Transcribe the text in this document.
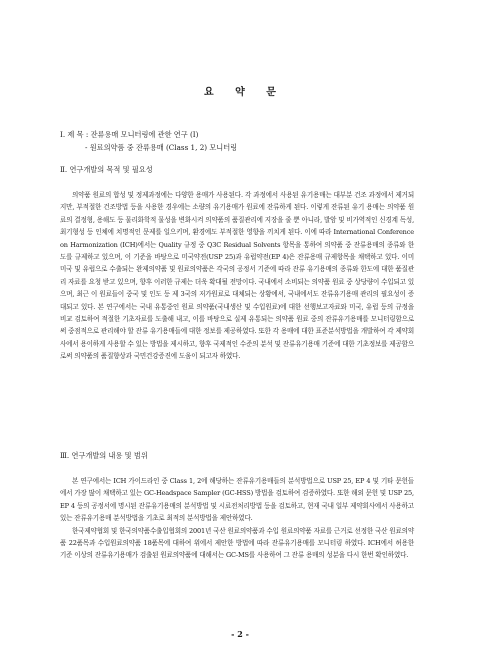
요 약 문
Ⅰ. 제 목 : 잔류용매 모니터링에 관한 연구 (I)
- 원료의약품 중 잔류용매 (Class 1, 2) 모니터링
Ⅱ. 연구개발의 목적 및 필요성

의약품 원료의 합성 및 정제과정에는 다양한 용매가 사용된다. 각 과정에서 사용된 유기용매는 대부분 건조 과정에서 제거되지만, 부적절한 건조방법 등을 사용한 경우에는 소량의 유기용매가 원료에 잔류하게 된다. 이렇게 잔류된 유기 용매는 의약품 원료의 결정형, 용해도 등 물리화학적 물성을 변화시켜 의약품의 품질관리에 지장을 줄 뿐 아니라, 발암 및 비가역적인 신경계 독성, 최기형성 등 인체에 치명적인 문제를 일으키며, 환경에도 부적절한 영향을 끼치게 된다. 이에 따라 International Conference on Harmonization (ICH)에서는 Quality 규정 중 Q3C Residual Solvents 항목을 통하여 의약품 중 잔류용매의 종류와 한도를 규제하고 있으며, 이 기준을 바탕으로 미국약전(USP 25)과 유럽약전(EP 4)은 잔류용매 규제항목을 채택하고 있다. 이미 미국 및 유럽으로 수출되는 완제의약품 및 원료의약품은 각국의 공정서 기준에 따라 잔류 유기용매의 종류와 한도에 대한 품질관리 자료를 요청 받고 있으며, 향후 이러한 규제는 더욱 확대될 전망이다. 국내에서 소비되는 의약품 원료 중 상당량이 수입되고 있으며, 최근 이 원료들이 중국 및 인도 등 제 3국의 저가원료로 대체되는 상황에서, 국내에서도 잔류유기용매 관리의 필요성이 증대되고 있다. 본 연구에서는 국내 유통중인 원료 의약품(국내생산 및 수입원료)에 대한 선행보고자료와 미국, 유럽 등의 규정을 비교 검토하여 적절한 기초자료를 도출해 내고, 이를 바탕으로 실제 유통되는 의약품 원료 중의 잔류유기용매를 모니터링함으로써 중점적으로 관리해야 할 잔류 유기용매들에 대한 정보를 제공하였다. 또한 각 용매에 대한 표준분석방법을 개발하여 각 제약회사에서 용이하게 사용할 수 있는 방법을 제시하고, 향후 국제적인 수준의 분석 및 잔류유기용매 기준에 대한 기초정보를 제공함으로써 의약품의 품질향상과 국민건강증진에 도움이 되고자 하였다.

Ⅲ. 연구개발의 내용 및 범위

본 연구에서는 ICH 가이드라인 중 Class 1, 2에 해당하는 잔류유기용매들의 분석방법으로 USP 25, EP 4 및 기타 문헌들에서 가장 많이 채택하고 있는 GC-Headspace Sampler (GC-HSS) 방법을 검토하여 검증하였다. 또한 해외 문헌 및 USP 25, EP 4 등의 공정서에 명시된 잔류유기용매의 분석방법 및 시료전처리방법 등을 검토하고, 현재 국내 일부 제약회사에서 사용하고 있는 잔류유기용매 분석방법을 기초로 최적의 분석방법을 제안하였다.

한국제약협회 및 한국의약품수출입협회의 2001년 국산 원료의약품과 수입 원료의약품 자료를 근거로 선정한 국산 원료의약품 22품목과 수입원료의약품 18품목에 대하여 위에서 제안한 방법에 따라 잔류유기용매를 모니터링 하였다. ICH에서 허용한 기준 이상의 잔류유기용매가 검출된 원료의약품에 대해서는 GC-MS를 사용하여 그 잔류 용매의 성분을 다시 한번 확인하였다.

- 2 -
